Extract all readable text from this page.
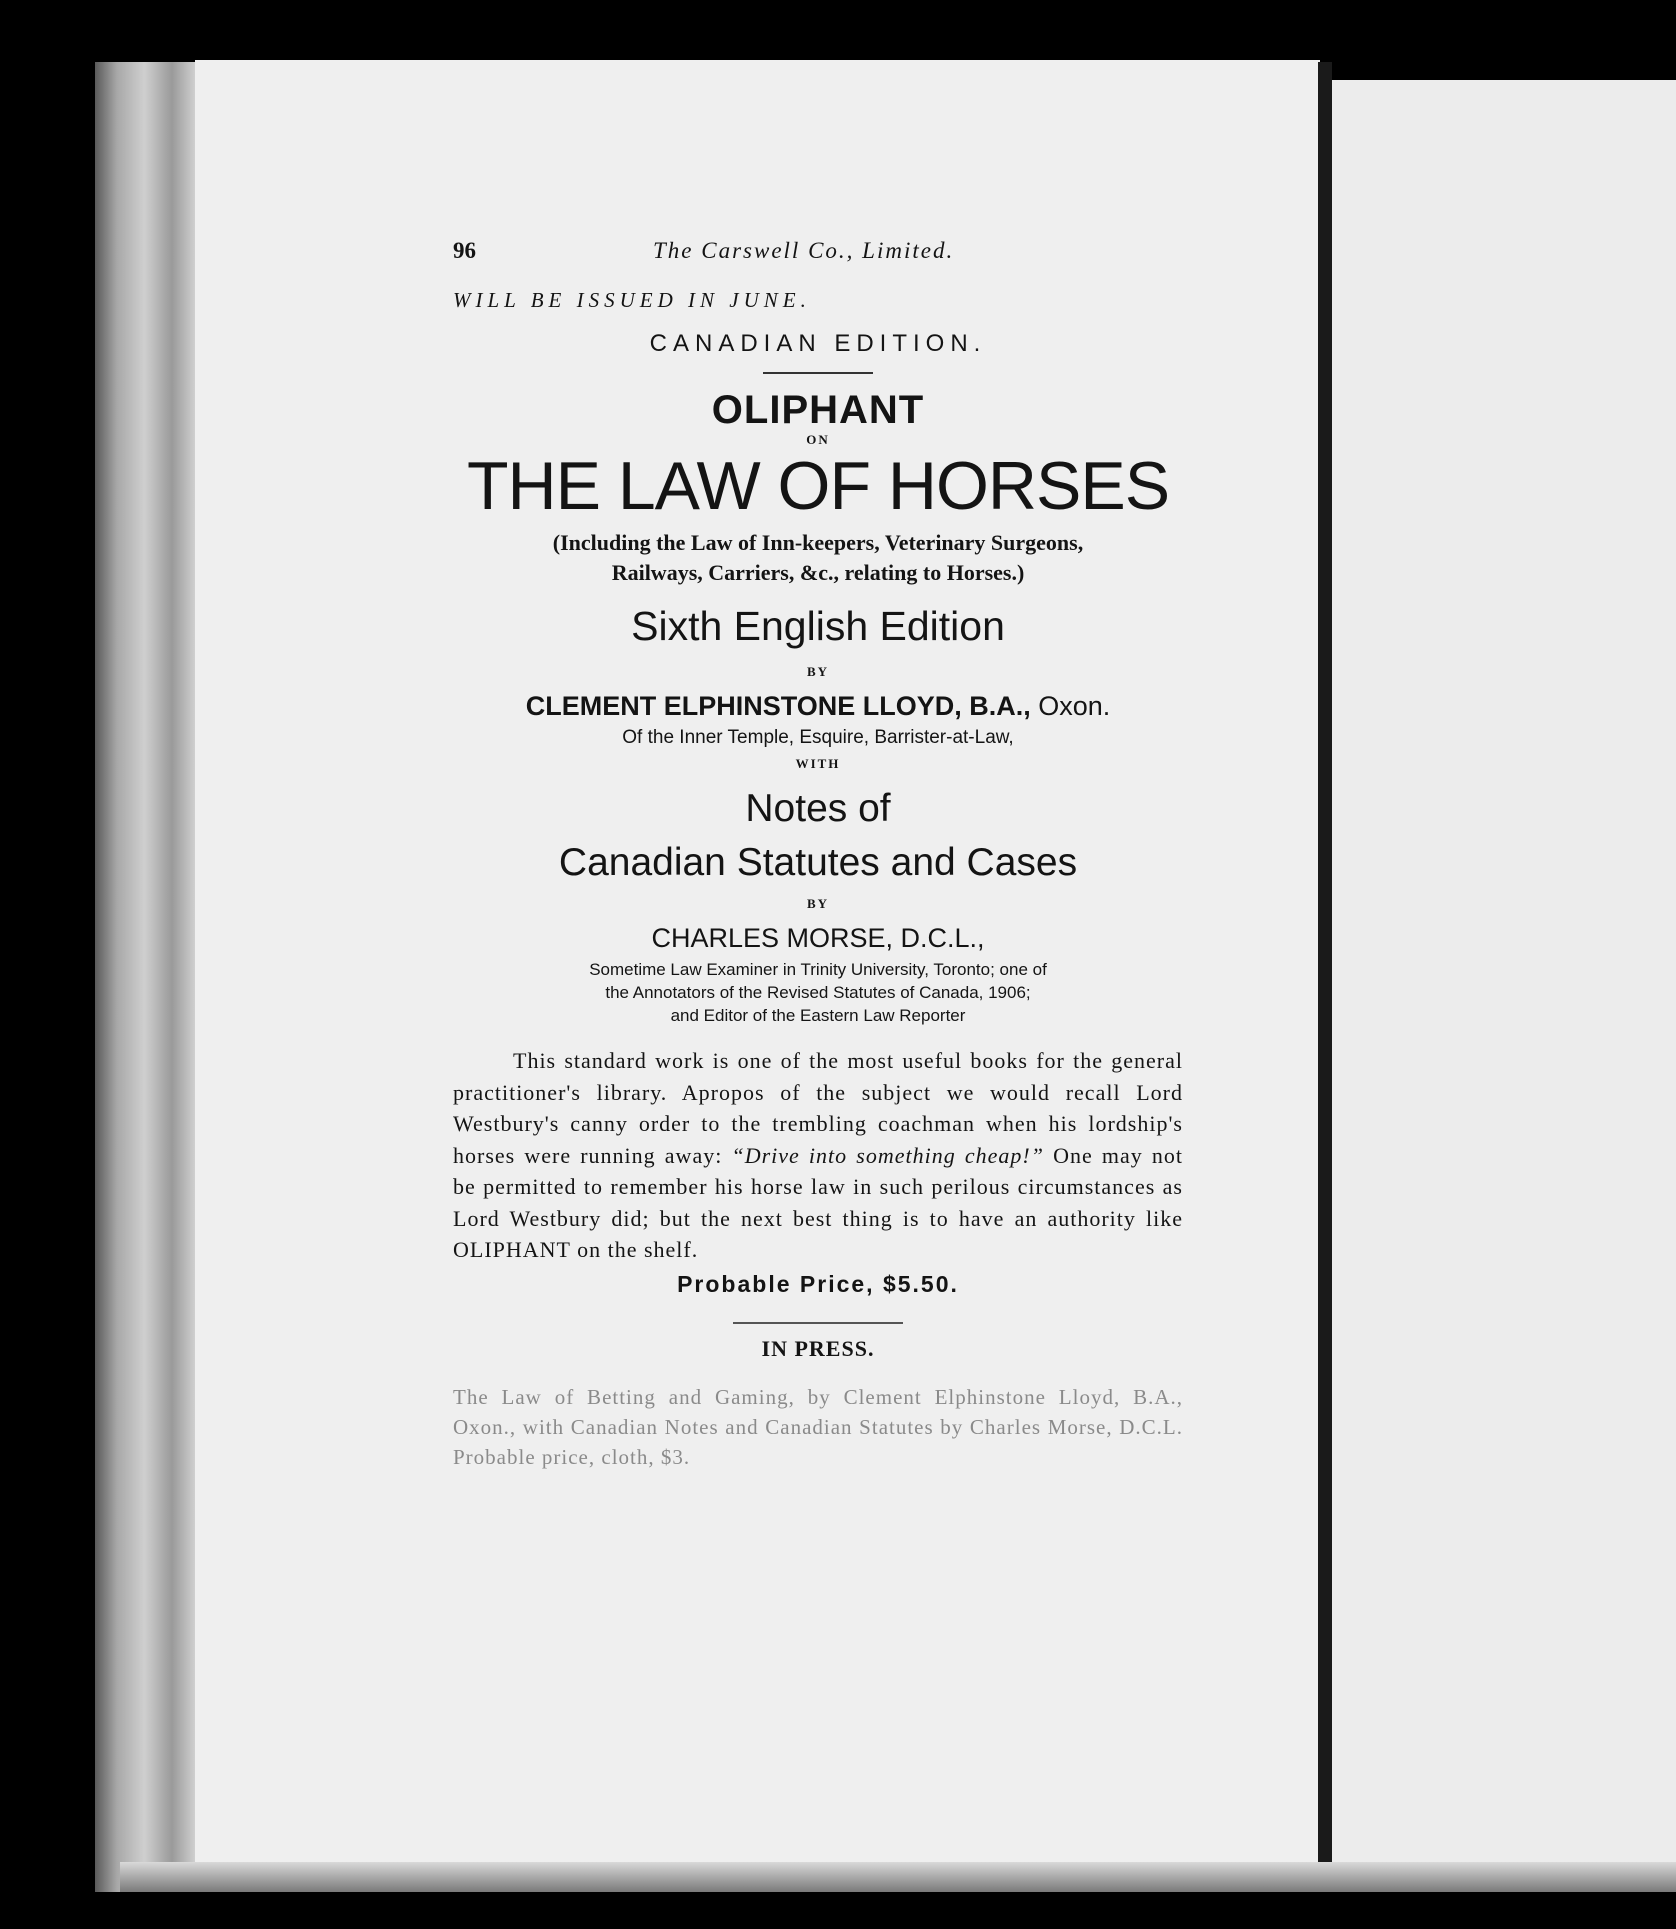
96	The Carswell Co., Limited.
WILL BE ISSUED IN JUNE.
CANADIAN EDITION.
OLIPHANT
ON
THE LAW OF HORSES
(Including the Law of Inn-keepers, Veterinary Surgeons,
Railways, Carriers, &c., relating to Horses.)
Sixth English Edition
BY
CLEMENT ELPHINSTONE LLOYD, B.A., Oxon.
Of the Inner Temple, Esquire, Barrister-at-Law,
WITH
Notes of
Canadian Statutes and Cases
BY
CHARLES MORSE, D.C.L.,
Sometime Law Examiner in Trinity University, Toronto; one of
the Annotators of the Revised Statutes of Canada, 1906;
and Editor of the Eastern Law Reporter
This standard work is one of the most useful books for the general practitioner's library. Apropos of the subject we would recall Lord Westbury's canny order to the trembling coachman when his lordship's horses were running away: “Drive into something cheap!” One may not be permitted to remember his horse law in such perilous circumstances as Lord Westbury did; but the next best thing is to have an authority like OLIPHANT on the shelf.
Probable Price, $5.50.
IN PRESS.
The Law of Betting and Gaming, by Clement Elphinstone Lloyd, B.A., Oxon., with Canadian Notes and Canadian Statutes by Charles Morse, D.C.L. Probable price, cloth, $3.
